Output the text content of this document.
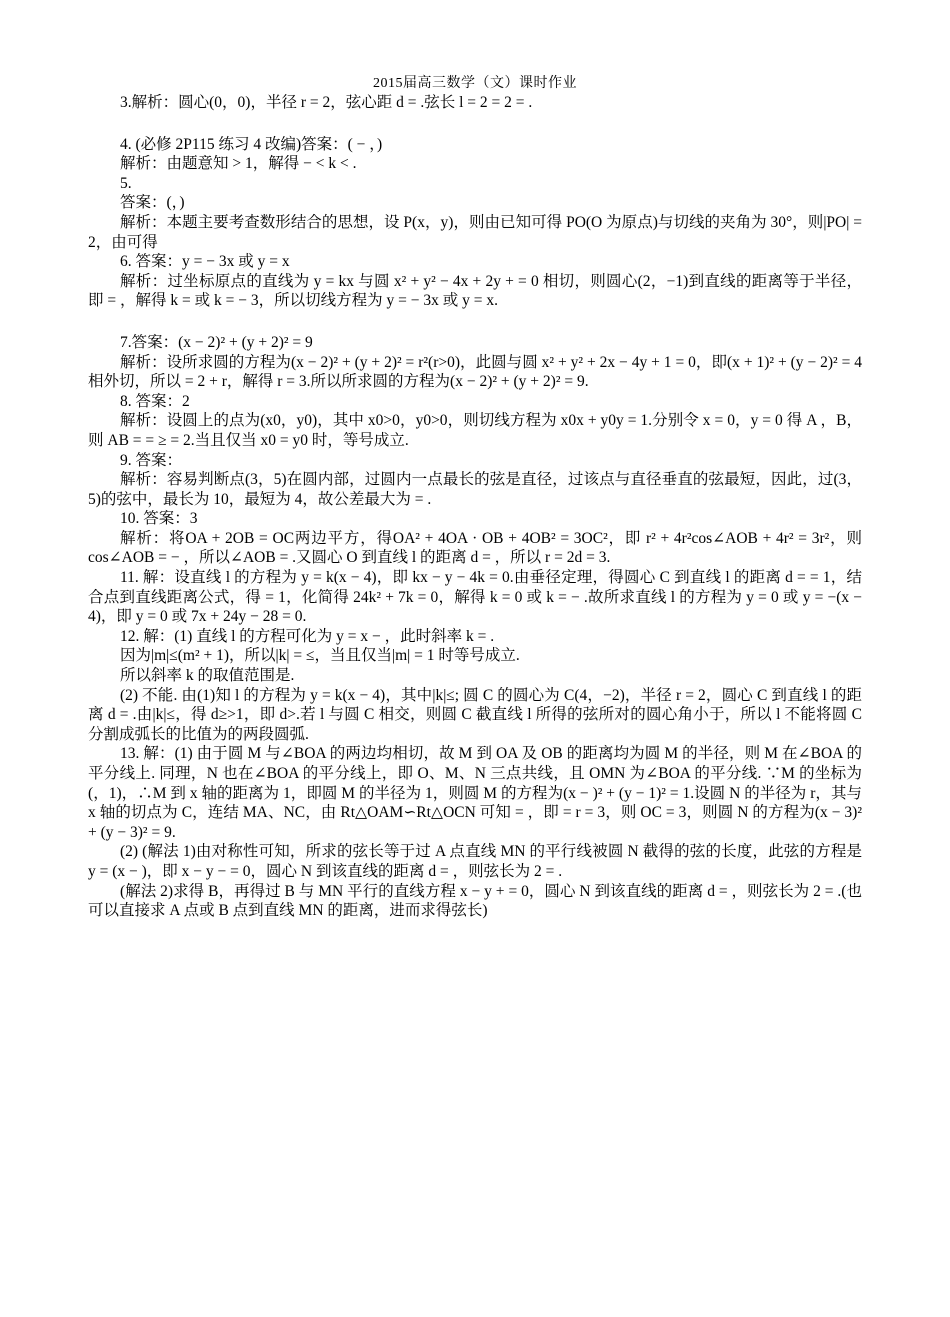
2015届高三数学（文）课时作业

3.解析：圆心(0，0)，半径 r = 2，弦心距 d = .弦长 l = 2 = 2 = .

4. (必修 2P115 练习 4 改编)答案：( − ，)

解析：由题意知 > 1，解得 − < k < .

5.

答案：(，)

解析：本题主要考查数形结合的思想，设 P(x，y)，则由已知可得 PO(O 为原点)与切线的夹角为 30°，则|PO| = 2，由可得

6. 答案：y = − 3x 或 y = x

解析：过坐标原点的直线为 y = kx 与圆 x² + y² − 4x + 2y + = 0 相切，则圆心(2，−1)到直线的距离等于半径，即 = ，解得 k = 或 k = − 3，所以切线方程为 y = − 3x 或 y = x.

7.答案：(x − 2)² + (y + 2)² = 9

解析：设所求圆的方程为(x − 2)² + (y + 2)² = r²(r>0)，此圆与圆 x² + y² + 2x − 4y + 1 = 0，即(x + 1)² + (y − 2)² = 4 相外切，所以 = 2 + r，解得 r = 3.所以所求圆的方程为(x − 2)² + (y + 2)² = 9.

8. 答案：2

解析：设圆上的点为(x0，y0)，其中 x0>0，y0>0，则切线方程为 x0x + y0y = 1.分别令 x = 0，y = 0 得 A ，B，则 AB = = ≥ = 2.当且仅当 x0 = y0 时，等号成立.

9. 答案：

解析：容易判断点(3，5)在圆内部，过圆内一点最长的弦是直径，过该点与直径垂直的弦最短，因此，过(3，5)的弦中，最长为 10，最短为 4，故公差最大为 = .

10. 答案：3

解析：将OA + 2OB = OC两边平方，得OA² + 4OA · OB + 4OB² = 3OC²，即 r² + 4r²cos∠AOB + 4r² = 3r²，则 cos∠AOB = − ，所以∠AOB = .又圆心 O 到直线 l 的距离 d = ，所以 r = 2d = 3.

11. 解：设直线 l 的方程为 y = k(x − 4)，即 kx − y − 4k = 0.由垂径定理，得圆心 C 到直线 l 的距离 d = = 1，结合点到直线距离公式，得 = 1，化简得 24k² + 7k = 0，解得 k = 0 或 k = − .故所求直线 l 的方程为 y = 0 或 y = −(x − 4)，即 y = 0 或 7x + 24y − 28 = 0.

12. 解：(1) 直线 l 的方程可化为 y = x − ，此时斜率 k = .

因为|m|≤(m² + 1)，所以|k| = ≤，当且仅当|m| = 1 时等号成立.

所以斜率 k 的取值范围是.

(2) 不能. 由(1)知 l 的方程为 y = k(x − 4)，其中|k|≤; 圆 C 的圆心为 C(4，−2)，半径 r = 2，圆心 C 到直线 l 的距离 d = .由|k|≤，得 d≥>1，即 d>.若 l 与圆 C 相交，则圆 C 截直线 l 所得的弦所对的圆心角小于，所以 l 不能将圆 C 分割成弧长的比值为的两段圆弧.

13. 解：(1) 由于圆 M 与∠BOA 的两边均相切，故 M 到 OA 及 OB 的距离均为圆 M 的半径，则 M 在∠BOA 的平分线上. 同理，N 也在∠BOA 的平分线上，即 O、M、N 三点共线，且 OMN 为∠BOA 的平分线. ∵M 的坐标为(，1)，∴M 到 x 轴的距离为 1，即圆 M 的半径为 1，则圆 M 的方程为(x − )² + (y − 1)² = 1.设圆 N 的半径为 r，其与 x 轴的切点为 C，连结 MA、NC，由 Rt△OAM∽Rt△OCN 可知 = ，即 = r = 3，则 OC = 3，则圆 N 的方程为(x − 3)² + (y − 3)² = 9.

(2) (解法 1)由对称性可知，所求的弦长等于过 A 点直线 MN 的平行线被圆 N 截得的弦的长度，此弦的方程是 y = (x − )，即 x − y − = 0，圆心 N 到该直线的距离 d = ，则弦长为 2 = .

(解法 2)求得 B，再得过 B 与 MN 平行的直线方程 x − y + = 0，圆心 N 到该直线的距离 d = ，则弦长为 2 = .(也可以直接求 A 点或 B 点到直线 MN 的距离，进而求得弦长)
